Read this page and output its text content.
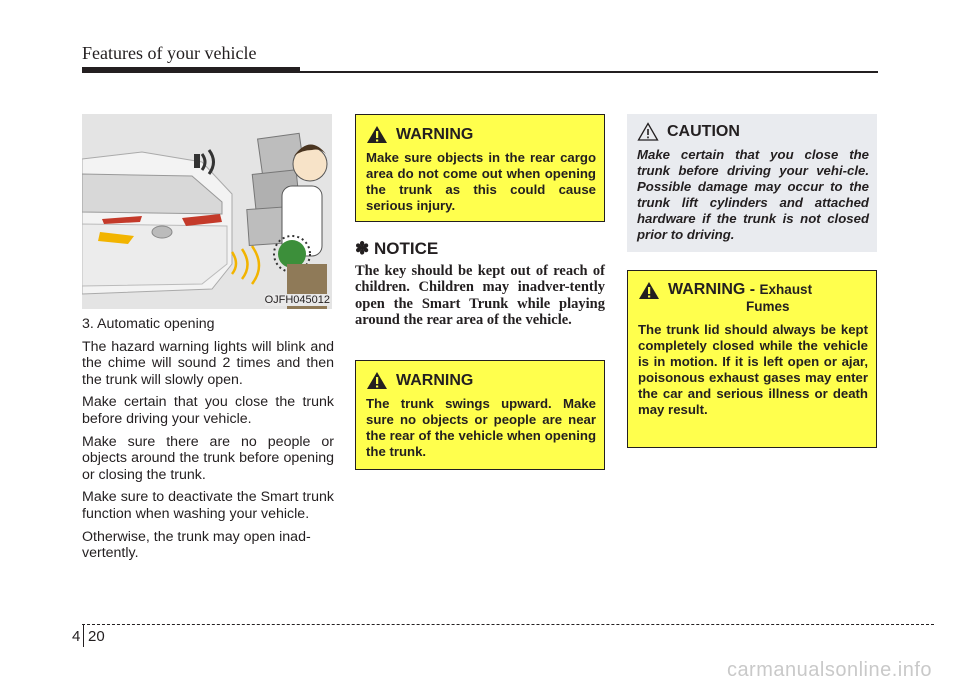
Features of your vehicle
OJFH045012

3. Automatic opening

The hazard warning lights will blink and the chime will sound 2 times and then the trunk will slowly open.

Make certain that you close the trunk before driving your vehicle.

Make sure there are no people or objects around the trunk before opening or closing the trunk.

Make sure to deactivate the Smart trunk function when washing your vehicle.

Otherwise, the trunk may open inad-vertently.

WARNING

Make sure objects in the rear cargo area do not come out when opening the trunk as this could cause serious injury.

✽ NOTICE

The key should be kept out of reach of children. Children may inadver-tently open the Smart Trunk while playing around the rear area of the vehicle.

WARNING

The trunk swings upward. Make sure no objects or people are near the rear of the vehicle when opening the trunk.

CAUTION

Make certain that you close the trunk before driving your vehi-cle. Possible damage may occur to the trunk lift cylinders and attached hardware if the trunk is not closed prior to driving.

WARNING - Exhaust
Fumes

The trunk lid should always be kept completely closed while the vehicle is in motion. If it is left open or ajar, poisonous exhaust gases may enter the car and serious illness or death may result.

4 20
carmanualsonline.info
